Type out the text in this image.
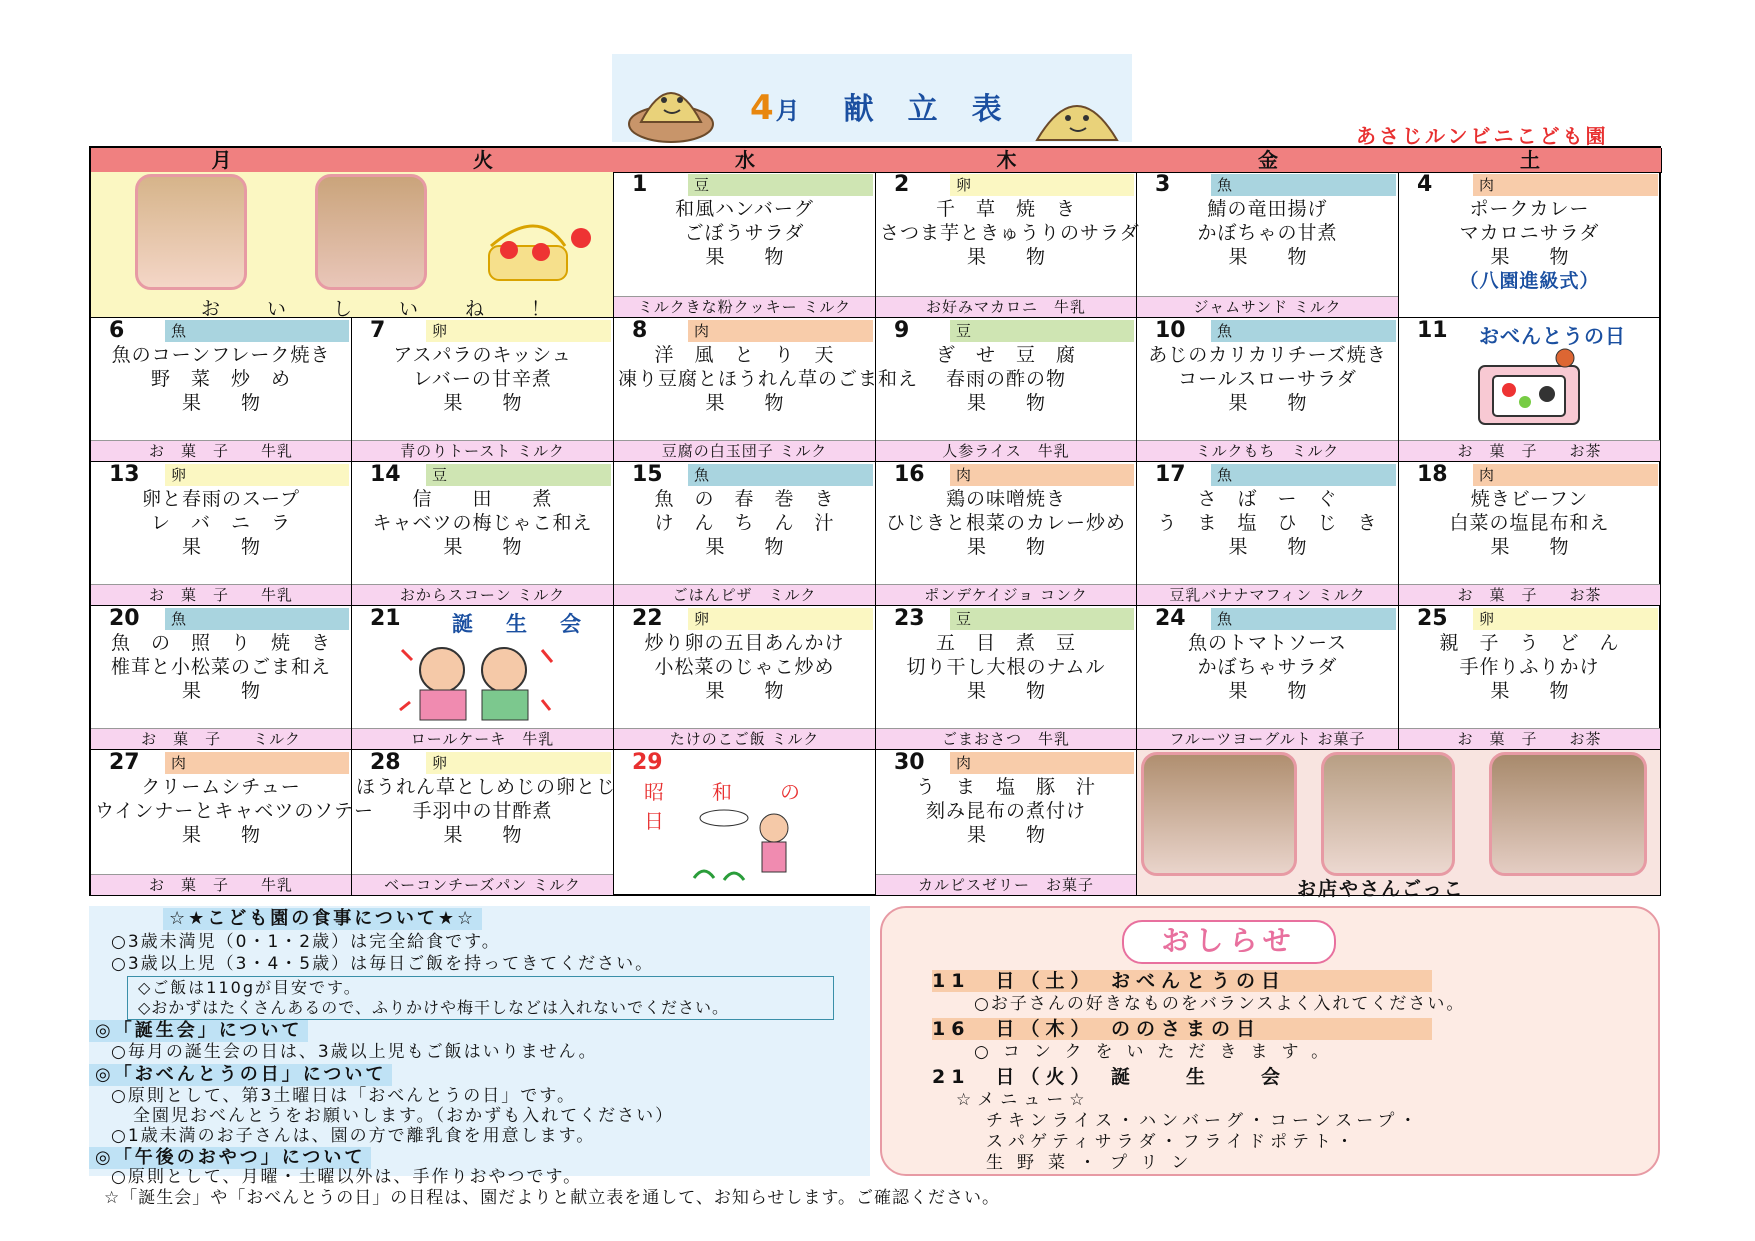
4月 献　立　表
あさじルンビニこども園
月	火	水	木	金	土
お　い　し　い　ね　！
1	豆
和風ハンバーグ
ごぼうサラダ
果物
ミルクきな粉クッキー ミルク
2	卵
千　草　焼　き
さつま芋ときゅうりのサラダ
果物
お好みマカロニ　牛乳
3	魚
鯖の竜田揚げ
かぼちゃの甘煮
果物
ジャムサンド ミルク
4	肉
ポークカレー
マカロニサラダ
果物
（八園進級式）
6	魚
魚のコーンフレーク焼き
野　菜　炒　め
果物
お　菓　子　　牛乳
7	卵
アスパラのキッシュ
レバーの甘辛煮
果物
青のりトースト ミルク
8	肉
洋　風　と　り　天
凍り豆腐とほうれん草のごま和え
果物
豆腐の白玉団子 ミルク
9	豆
ぎ　せ　豆　腐
春雨の酢の物
果物
人参ライス　牛乳
10	魚
あじのカリカリチーズ焼き
コールスローサラダ
果物
ミルクもち　ミルク
11 おべんとうの日
お　菓　子　　お茶
13	卵
卵と春雨のスープ
レ　バ　ニ　ラ
果物
お　菓　子　　牛乳
14	豆
信　　田　　煮
キャベツの梅じゃこ和え
果物
おからスコーン ミルク
15	魚
魚　の　春　巻　き
け　ん　ち　ん　汁
果物
ごはんピザ　ミルク
16	肉
鶏の味噌焼き
ひじきと根菜のカレー炒め
果物
ポンデケイジョ コンク
17	魚
さ　ば　ー　ぐ
う　ま　塩　ひ　じ　き
果物
豆乳バナナマフィン ミルク
18	肉
焼きビーフン
白菜の塩昆布和え
果物
お　菓　子　　お茶
20	魚
魚　の　照　り　焼　き
椎茸と小松菜のごま和え
果物
お　菓　子　　ミルク
21 誕　生　会
ロールケーキ　牛乳
22	卵
炒り卵の五目あんかけ
小松菜のじゃこ炒め
果物
たけのこご飯 ミルク
23	豆
五　目　煮　豆
切り干し大根のナムル
果物
ごまおさつ　牛乳
24	魚
魚のトマトソース
かぼちゃサラダ
果物
フルーツヨーグルト お菓子
25	卵
親　子　う　ど　ん
手作りふりかけ
果物
お　菓　子　　お茶
27	肉
クリームシチュー
ウインナーとキャベツのソテー
果物
お　菓　子　　牛乳
28	卵
ほうれん草としめじの卵とじ
手羽中の甘酢煮
果物
ベーコンチーズパン ミルク
29
昭　和　の　日
30	肉
う　ま　塩　豚　汁
刻み昆布の煮付け
果物
カルピスゼリー　お菓子	お店やさんごっこ
☆★こども園の食事について★☆
○3歳未満児（0・1・2歳）は完全給食です。
○3歳以上児（3・4・5歳）は毎日ご飯を持ってきてください。
◇ご飯は110gが目安です。
◇おかずはたくさんあるので、ふりかけや梅干しなどは入れないでください。
◎「誕生会」について
○毎月の誕生会の日は、3歳以上児もご飯はいりません。
◎「おべんとうの日」について
○原則として、第3土曜日は「おべんとうの日」です。
全園児おべんとうをお願いします。（おかずも入れてください）
○1歳未満のお子さんは、園の方で離乳食を用意します。
◎「午後のおやつ」について
○原則として、月曜・土曜以外は、手作りおやつです。
☆「誕生会」や「おべんとうの日」の日程は、園だよりと献立表を通して、お知らせします。ご確認ください。
おしらせ
11　日（土）　おべんとうの日
○お子さんの好きなものをバランスよく入れてください。
16　日（木）　ののさまの日
○コンクをいただきます。
21　日（火）　誕　　生　　会
☆メニュー☆
チキンライス・ハンバーグ・コーンスープ・
スパゲティサラダ・フライドポテト・
生野菜・プリン
